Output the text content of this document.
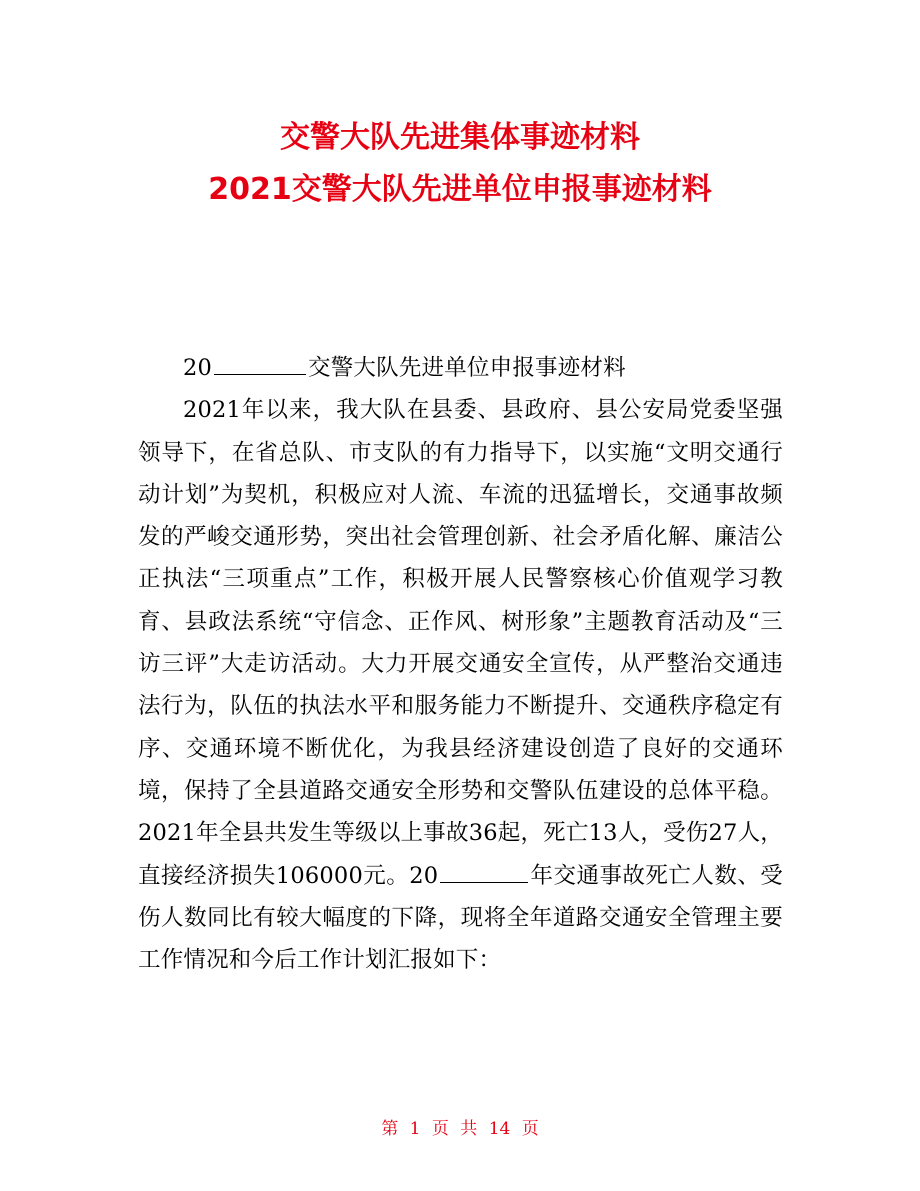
交警大队先进集体事迹材料
2021交警大队先进单位申报事迹材料

20	交警大队先进单位申报事迹材料

2021年以来，我大队在县委、县政府、县公安局党委坚强领导下，在省总队、市支队的有力指导下，以实施“文明交通行动计划”为契机，积极应对人流、车流的迅猛增长，交通事故频发的严峻交通形势，突出社会管理创新、社会矛盾化解、廉洁公正执法“三项重点”工作，积极开展人民警察核心价值观学习教育、县政法系统“守信念、正作风、树形象”主题教育活动及“三访三评”大走访活动。大力开展交通安全宣传，从严整治交通违法行为，队伍的执法水平和服务能力不断提升、交通秩序稳定有序、交通环境不断优化，为我县经济建设创造了良好的交通环境，保持了全县道路交通安全形势和交警队伍建设的总体平稳。2021年全县共发生等级以上事故36起，死亡13人，受伤27人，直接经济损失106000元。20	年交通事故死亡人数、受伤人数同比有较大幅度的下降，现将全年道路交通安全管理主要工作情况和今后工作计划汇报如下：

第 1 页 共 14 页
